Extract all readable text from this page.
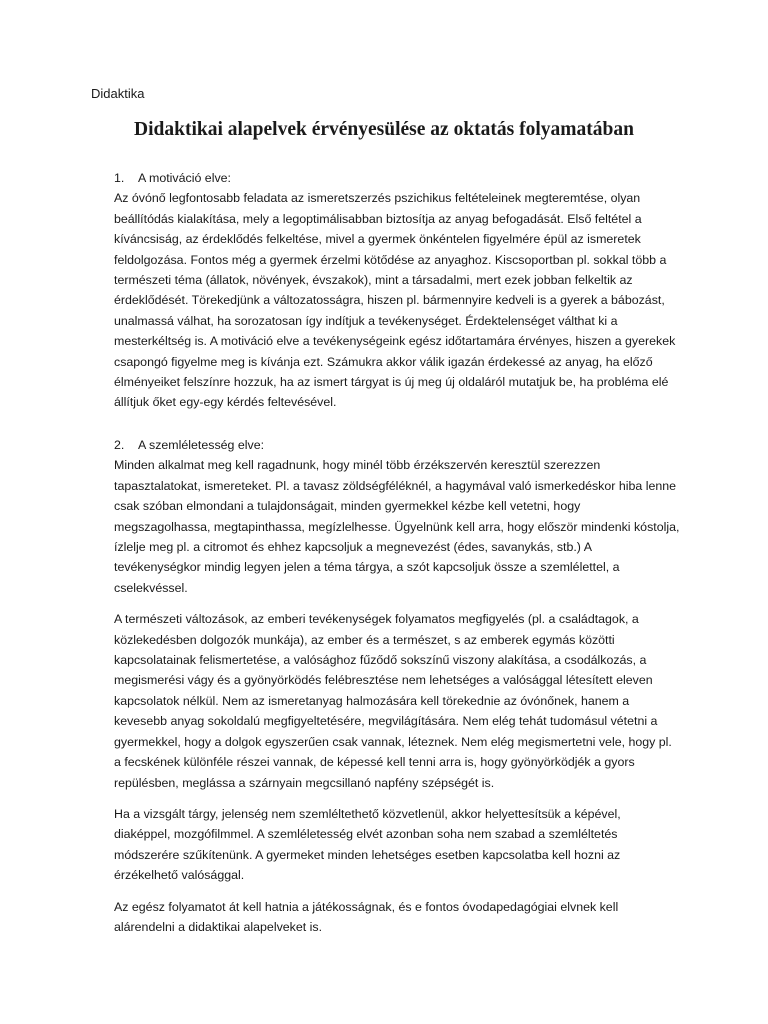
Didaktika
Didaktikai alapelvek érvényesülése az oktatás folyamatában
1.	A motiváció elve:

Az óvónő legfontosabb feladata az ismeretszerzés pszichikus feltételeinek megteremtése, olyan beállítódás kialakítása, mely a legoptimálisabban biztosítja az anyag befogadását. Első feltétel a kíváncsiság, az érdeklődés felkeltése, mivel a gyermek önkéntelen figyelmére épül az ismeretek feldolgozása. Fontos még a gyermek érzelmi kötődése az anyaghoz. Kiscsoportban pl. sokkal több a természeti téma (állatok, növények, évszakok), mint a társadalmi, mert ezek jobban felkeltik az érdeklődését. Törekedjünk a változatosságra, hiszen pl. bármennyire kedveli is a gyerek a bábozást, unalmassá válhat, ha sorozatosan így indítjuk a tevékenységet. Érdektelenséget válthat ki a mesterkéltség is. A motiváció elve a tevékenységeink egész időtartamára érvényes, hiszen a gyerekek csapongó figyelme meg is kívánja ezt. Számukra akkor válik igazán érdekessé az anyag, ha előző élményeiket felszínre hozzuk, ha az ismert tárgyat is új meg új oldaláról mutatjuk be, ha probléma elé állítjuk őket egy-egy kérdés feltevésével.

2.	A szemléletesség elve:

Minden alkalmat meg kell ragadnunk, hogy minél több érzékszervén keresztül szerezzen tapasztalatokat, ismereteket. Pl. a tavasz zöldségféléknél, a hagymával való ismerkedéskor hiba lenne csak szóban elmondani a tulajdonságait, minden gyermekkel kézbe kell vetetni, hogy megszagolhassa, megtapinthassa, megízlelhesse. Ügyelnünk kell arra, hogy először mindenki kóstolja, ízlelje meg pl. a citromot és ehhez kapcsoljuk a megnevezést (édes, savanykás, stb.) A tevékenységkor mindig legyen jelen a téma tárgya, a szót kapcsoljuk össze a szemlélettel, a cselekvéssel.

A természeti változások, az emberi tevékenységek folyamatos megfigyelés (pl. a családtagok, a közlekedésben dolgozók munkája), az ember és a természet, s az emberek egymás közötti kapcsolatainak felismertetése, a valósághoz fűződő sokszínű viszony alakítása, a csodálkozás, a megismerési vágy és a gyönyörködés felébresztése nem lehetséges a valósággal létesített eleven kapcsolatok nélkül. Nem az ismeretanyag halmozására kell törekednie az óvónőnek, hanem a kevesebb anyag sokoldalú megfigyeltetésére, megvilágítására. Nem elég tehát tudomásul vétetni a gyermekkel, hogy a dolgok egyszerűen csak vannak, léteznek. Nem elég megismertetni vele, hogy pl. a fecskének különféle részei vannak, de képessé kell tenni arra is, hogy gyönyörködjék a gyors repülésben, meglássa a szárnyain megcsillanó napfény szépségét is.

Ha a vizsgált tárgy, jelenség nem szemléltethető közvetlenül, akkor helyettesítsük a képével, diaképpel, mozgófilmmel. A szemléletesség elvét azonban soha nem szabad a szemléltetés módszerére szűkítenünk. A gyermeket minden lehetséges esetben kapcsolatba kell hozni az érzékelhető valósággal.

Az egész folyamatot át kell hatnia a játékosságnak, és e fontos óvodapedagógiai elvnek kell alárendelni a didaktikai alapelveket is.
